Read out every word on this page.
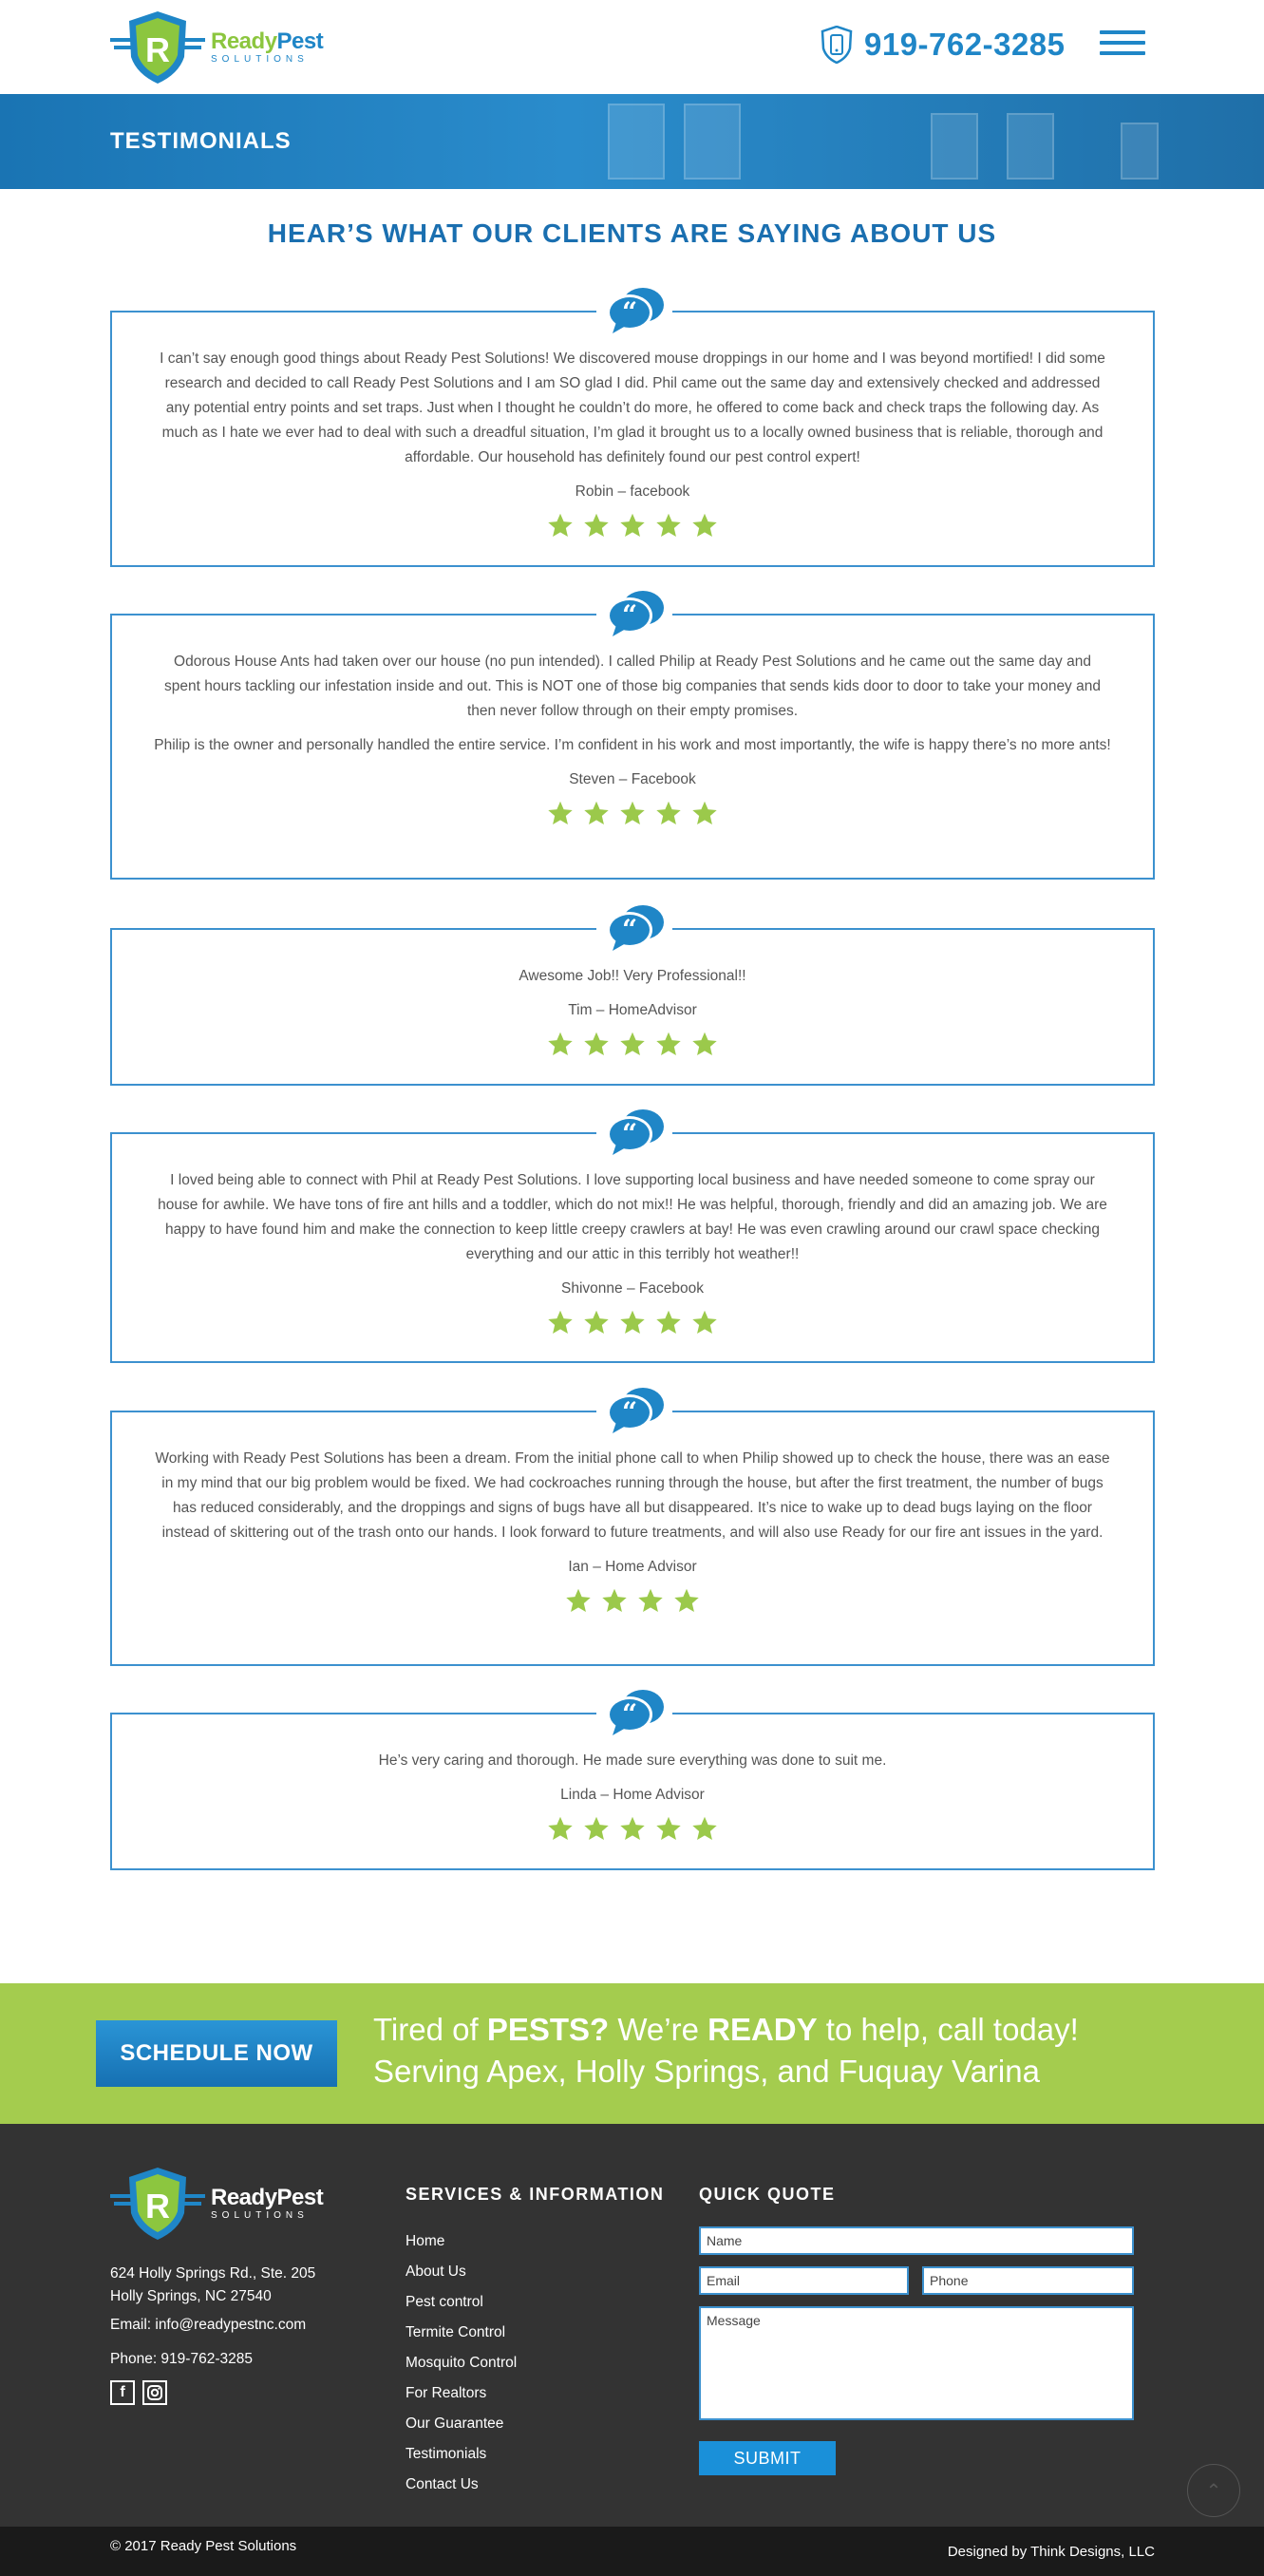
R ReadyPest
SOLUTIONS	919-762-3285
TESTIMONIALS
HEAR’S WHAT OUR CLIENTS ARE SAYING ABOUT US
“

I can’t say enough good things about Ready Pest Solutions! We discovered mouse droppings in our home and I was beyond mortified! I did some research and decided to call Ready Pest Solutions and I am SO glad I did. Phil came out the same day and extensively checked and addressed any potential entry points and set traps. Just when I thought he couldn’t do more, he offered to come back and check traps the following day. As much as I hate we ever had to deal with such a dreadful situation, I’m glad it brought us to a locally owned business that is reliable, thorough and affordable. Our household has definitely found our pest control expert!

Robin – facebook
“

Odorous House Ants had taken over our house (no pun intended). I called Philip at Ready Pest Solutions and he came out the same day and spent hours tackling our infestation inside and out. This is NOT one of those big companies that sends kids door to door to take your money and then never follow through on their empty promises.

Philip is the owner and personally handled the entire service. I’m confident in his work and most importantly, the wife is happy there’s no more ants!

Steven – Facebook
“

Awesome Job!! Very Professional!!

Tim – HomeAdvisor
“

I loved being able to connect with Phil at Ready Pest Solutions. I love supporting local business and have needed someone to come spray our house for awhile. We have tons of fire ant hills and a toddler, which do not mix!! He was helpful, thorough, friendly and did an amazing job. We are happy to have found him and make the connection to keep little creepy crawlers at bay! He was even crawling around our crawl space checking everything and our attic in this terribly hot weather!!

Shivonne – Facebook
“

Working with Ready Pest Solutions has been a dream. From the initial phone call to when Philip showed up to check the house, there was an ease in my mind that our big problem would be fixed. We had cockroaches running through the house, but after the first treatment, the number of bugs has reduced considerably, and the droppings and signs of bugs have all but disappeared. It’s nice to wake up to dead bugs laying on the floor instead of skittering out of the trash onto our hands. I look forward to future treatments, and will also use Ready for our fire ant issues in the yard.

Ian – Home Advisor
“

He’s very caring and thorough. He made sure everything was done to suit me.

Linda – Home Advisor
SCHEDULE NOW
Tired of PESTS? We’re READY to help, call today!
Serving Apex, Holly Springs, and Fuquay Varina
R ReadyPest
SOLUTIONS
624 Holly Springs Rd., Ste. 205
Holly Springs, NC 27540
Email: info@readypestnc.com
Phone: 919-762-3285
f
SERVICES & INFORMATION
Home
About Us
Pest control
Termite Control
Mosquito Control
For Realtors
Our Guarantee
Testimonials
Contact Us
QUICK QUOTE
Name
Email	Phone
Message
SUBMIT
⌃
© 2017 Ready Pest Solutions	Designed by Think Designs, LLC
